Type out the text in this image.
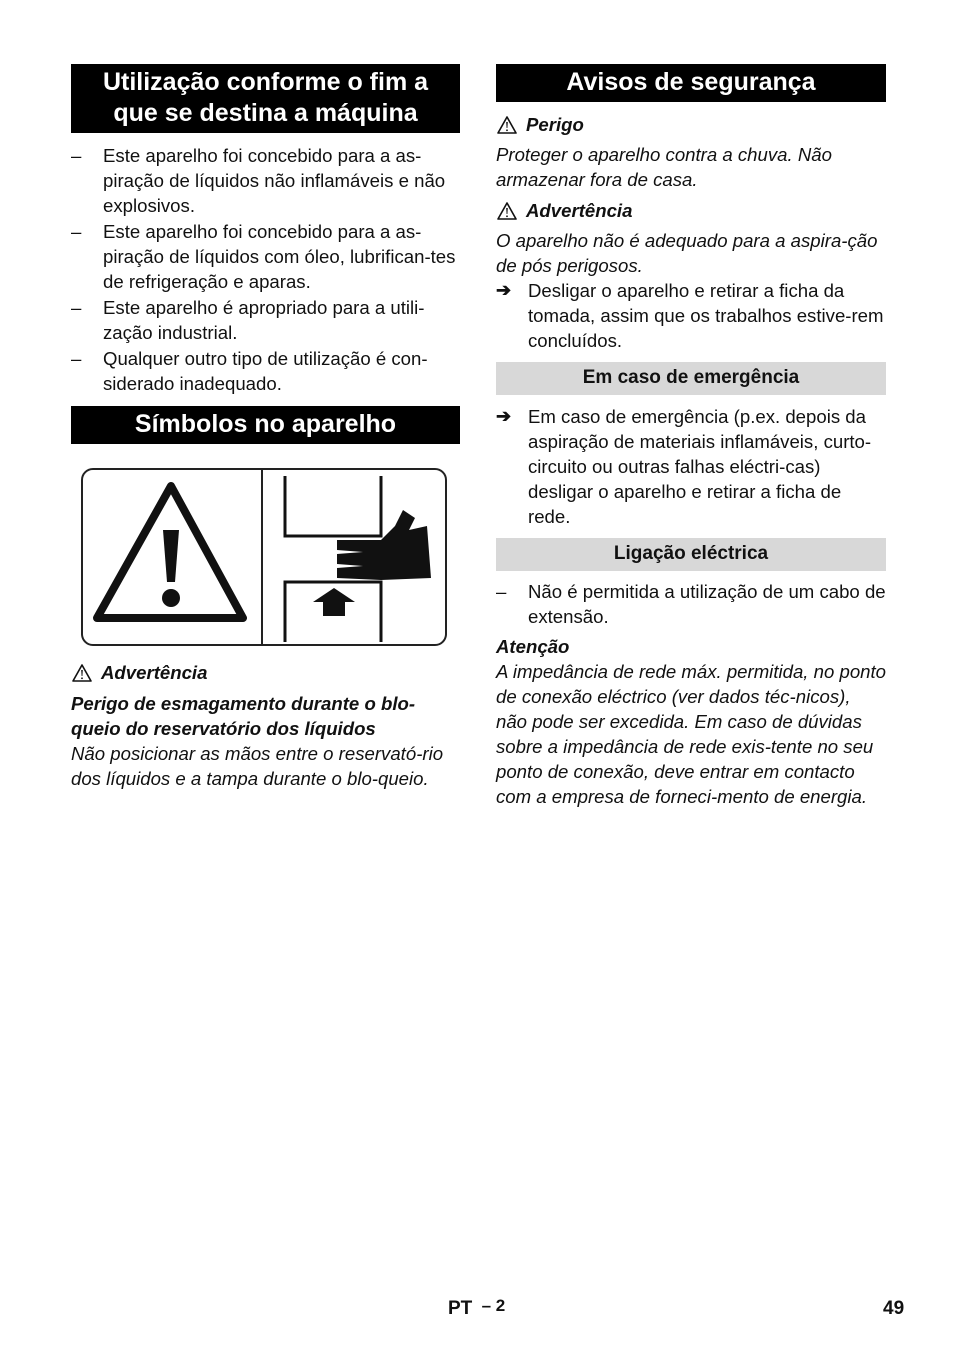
Utilização conforme o fim a
que se destina a máquina
– Este aparelho foi concebido para a as-piração de líquidos não inflamáveis e não explosivos.
– Este aparelho foi concebido para a as-piração de líquidos com óleo, lubrifican-tes de refrigeração e aparas.
– Este aparelho é apropriado para a utili-zação industrial.
– Qualquer outro tipo de utilização é con-siderado inadequado.
Símbolos no aparelho
Advertência

Perigo de esmagamento durante o blo-queio do reservatório dos líquidos

Não posicionar as mãos entre o reservató-rio dos líquidos e a tampa durante o blo-queio.

Avisos de segurança
Perigo

Proteger o aparelho contra a chuva. Não armazenar fora de casa.

Advertência

O aparelho não é adequado para a aspira-ção de pós perigosos.

➔ Desligar o aparelho e retirar a ficha da tomada, assim que os trabalhos estive-rem concluídos.
Em caso de emergência
➔ Em caso de emergência (p.ex. depois da aspiração de materiais inflamáveis, curto-circuito ou outras falhas eléctri-cas) desligar o aparelho e retirar a ficha de rede.
Ligação eléctrica
– Não é permitida a utilização de um cabo de extensão.

Atenção

A impedância de rede máx. permitida, no ponto de conexão eléctrico (ver dados téc-nicos), não pode ser excedida. Em caso de dúvidas sobre a impedância de rede exis-tente no seu ponto de conexão, deve entrar em contacto com a empresa de forneci-mento de energia.

PT – 2	49
